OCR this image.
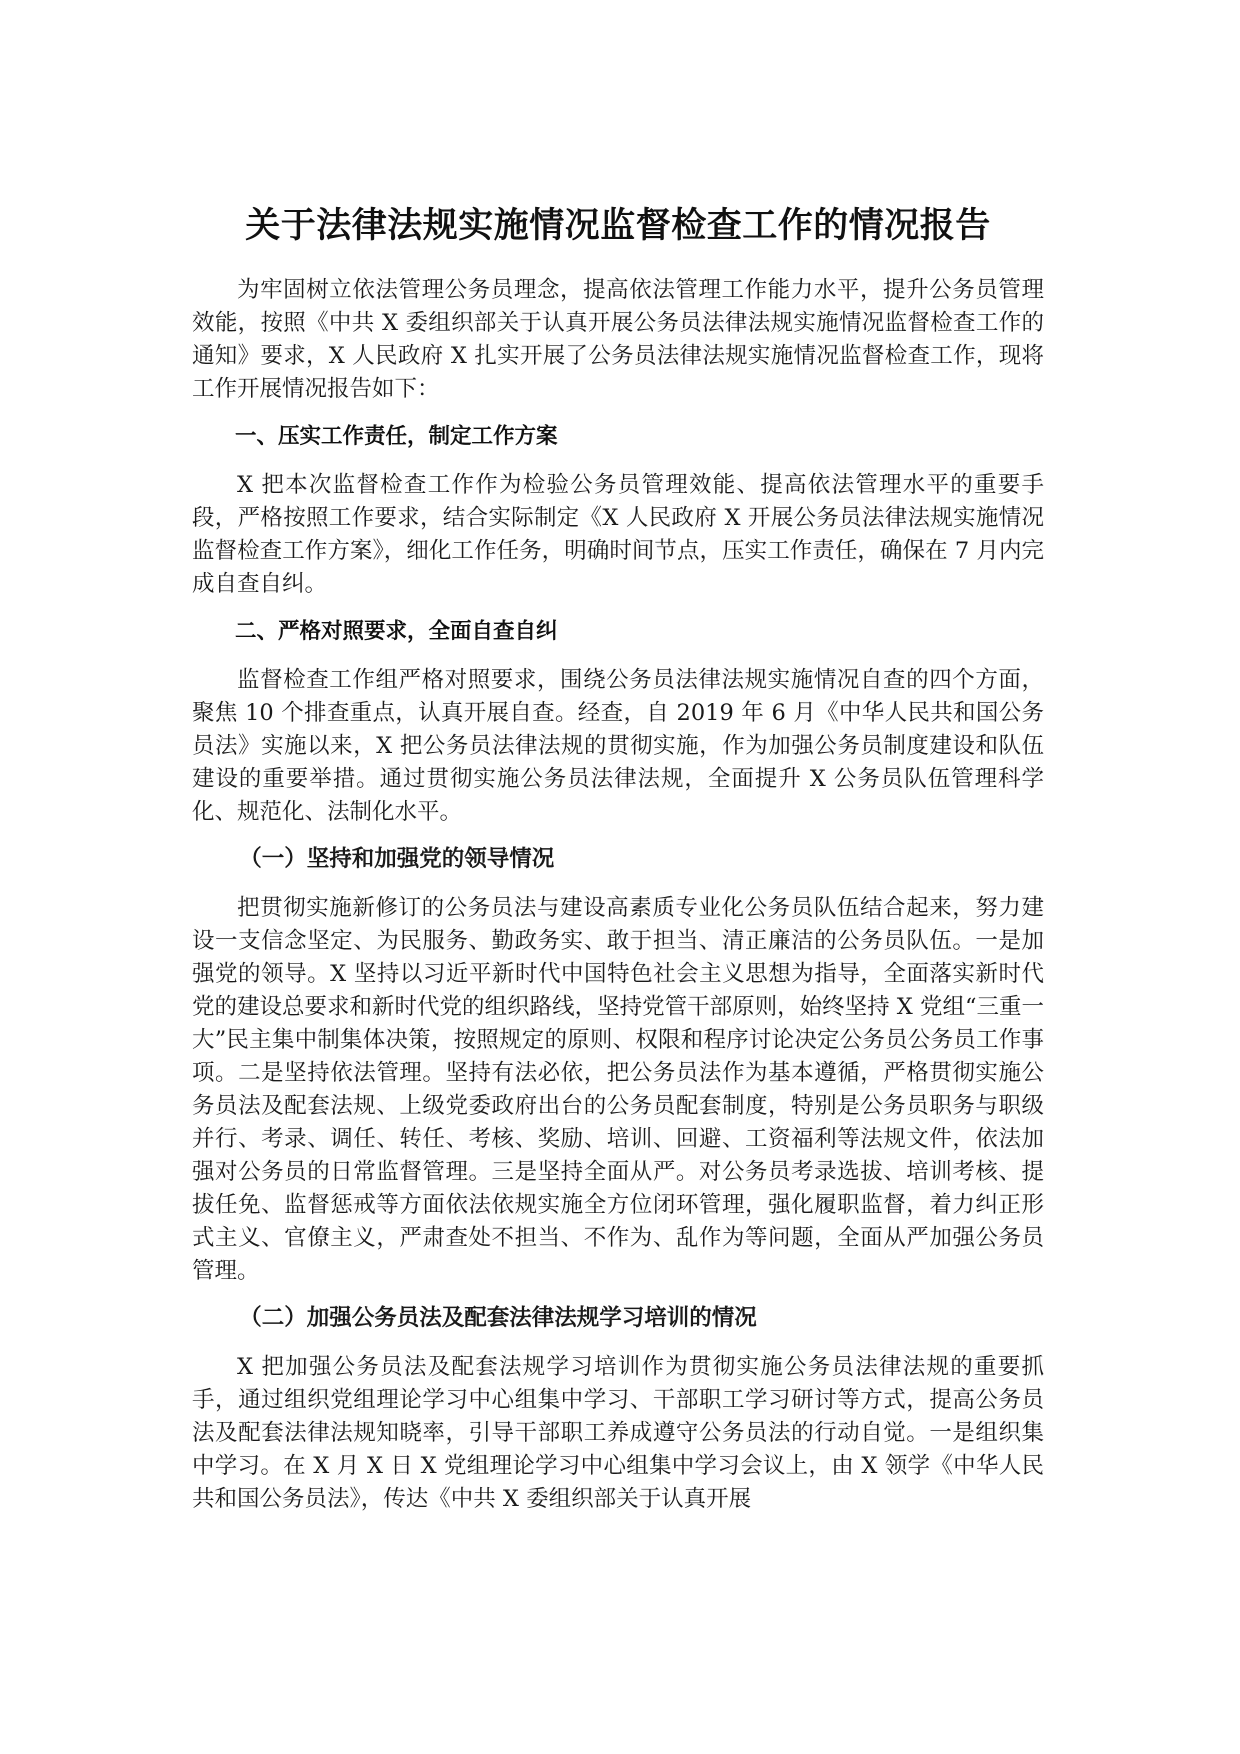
关于法律法规实施情况监督检查工作的情况报告

为牢固树立依法管理公务员理念，提高依法管理工作能力水平，提升公务员管理效能，按照《中共 X 委组织部关于认真开展公务员法律法规实施情况监督检查工作的通知》要求，X 人民政府 X 扎实开展了公务员法律法规实施情况监督检查工作，现将工作开展情况报告如下：

一、压实工作责任，制定工作方案

X 把本次监督检查工作作为检验公务员管理效能、提高依法管理水平的重要手段，严格按照工作要求，结合实际制定《X 人民政府 X 开展公务员法律法规实施情况监督检查工作方案》，细化工作任务，明确时间节点，压实工作责任，确保在 7 月内完成自查自纠。

二、严格对照要求，全面自查自纠

监督检查工作组严格对照要求，围绕公务员法律法规实施情况自查的四个方面，聚焦 10 个排查重点，认真开展自查。经查，自 2019 年 6 月《中华人民共和国公务员法》实施以来，X 把公务员法律法规的贯彻实施，作为加强公务员制度建设和队伍建设的重要举措。通过贯彻实施公务员法律法规，全面提升 X 公务员队伍管理科学化、规范化、法制化水平。

（一）坚持和加强党的领导情况

把贯彻实施新修订的公务员法与建设高素质专业化公务员队伍结合起来，努力建设一支信念坚定、为民服务、勤政务实、敢于担当、清正廉洁的公务员队伍。一是加强党的领导。X 坚持以习近平新时代中国特色社会主义思想为指导，全面落实新时代党的建设总要求和新时代党的组织路线，坚持党管干部原则，始终坚持 X 党组“三重一大”民主集中制集体决策，按照规定的原则、权限和程序讨论决定公务员公务员工作事项。二是坚持依法管理。坚持有法必依，把公务员法作为基本遵循，严格贯彻实施公务员法及配套法规、上级党委政府出台的公务员配套制度，特别是公务员职务与职级并行、考录、调任、转任、考核、奖励、培训、回避、工资福利等法规文件，依法加强对公务员的日常监督管理。三是坚持全面从严。对公务员考录选拔、培训考核、提拔任免、监督惩戒等方面依法依规实施全方位闭环管理，强化履职监督，着力纠正形式主义、官僚主义，严肃查处不担当、不作为、乱作为等问题，全面从严加强公务员管理。

（二）加强公务员法及配套法律法规学习培训的情况

X 把加强公务员法及配套法规学习培训作为贯彻实施公务员法律法规的重要抓手，通过组织党组理论学习中心组集中学习、干部职工学习研讨等方式，提高公务员法及配套法律法规知晓率，引导干部职工养成遵守公务员法的行动自觉。一是组织集中学习。在 X 月 X 日 X 党组理论学习中心组集中学习会议上，由 X 领学《中华人民共和国公务员法》，传达《中共 X 委组织部关于认真开展
